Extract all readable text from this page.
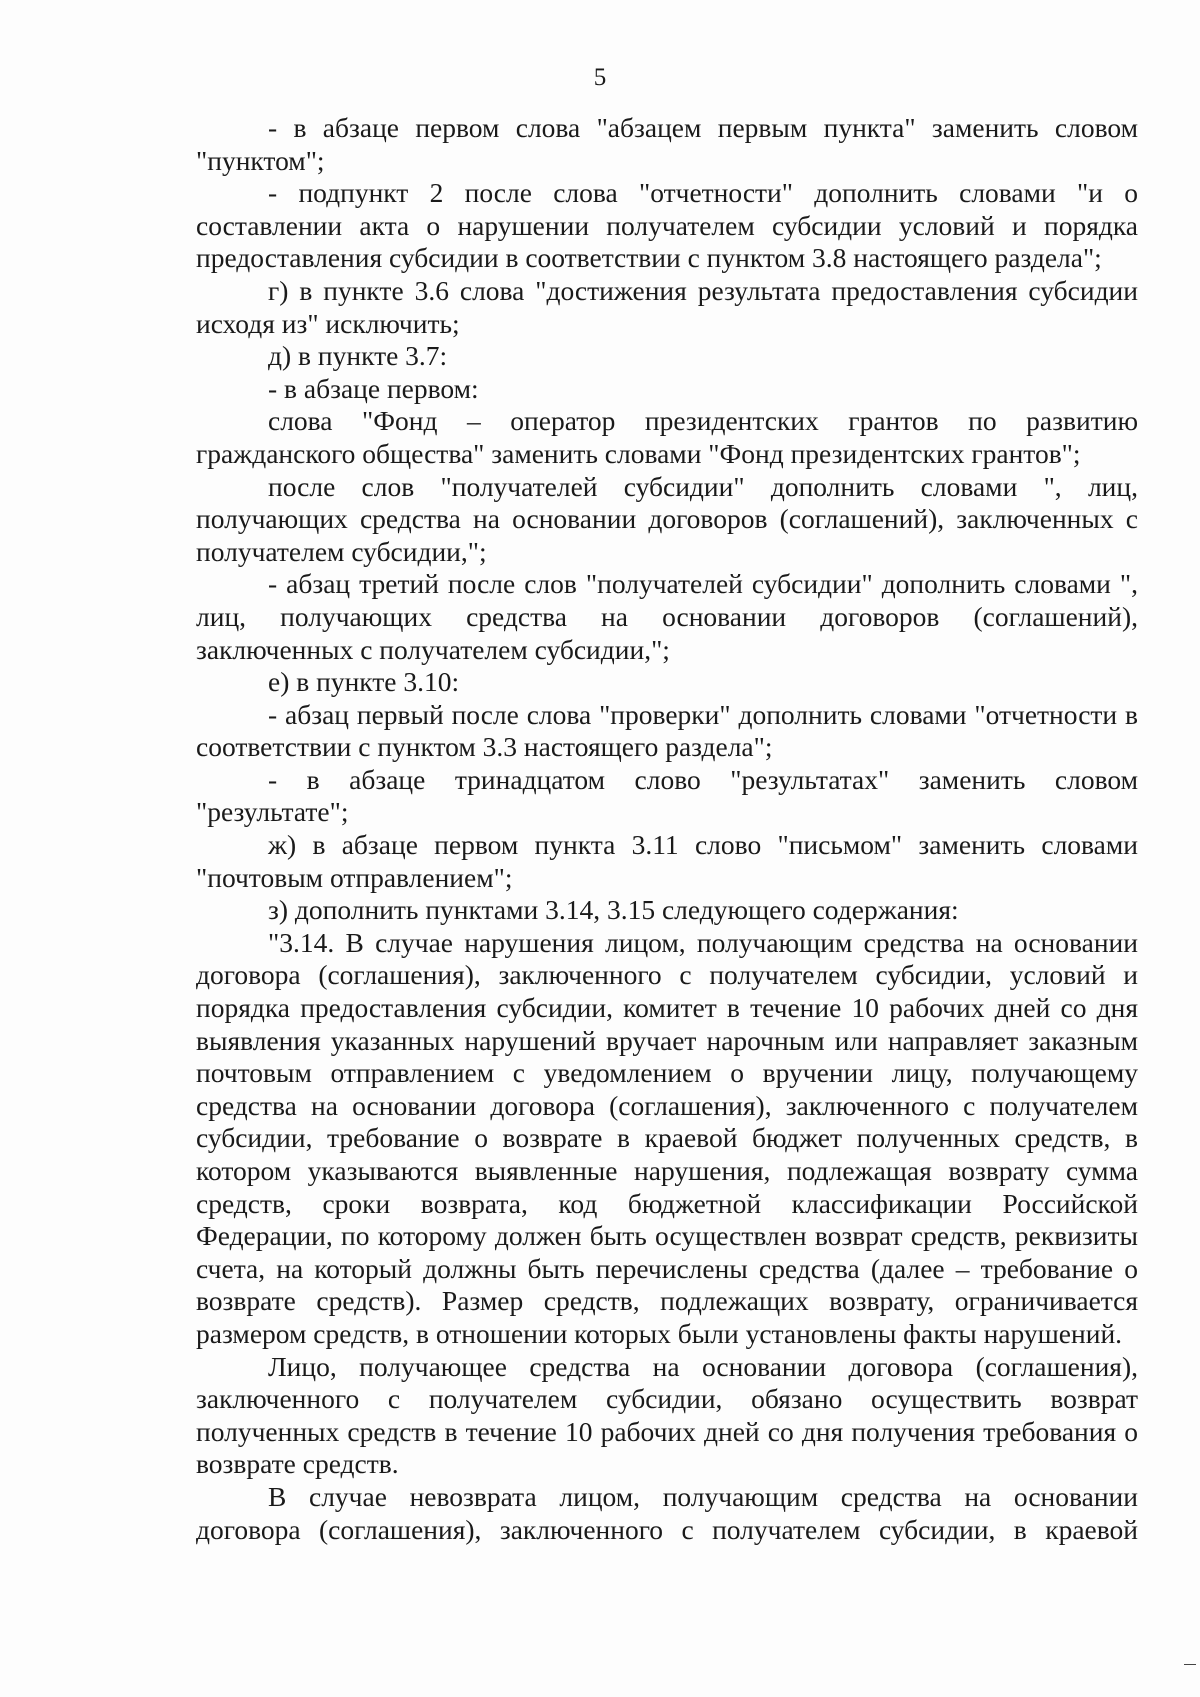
5

- в абзаце первом слова "абзацем первым пункта" заменить словом "пунктом";

- подпункт 2 после слова "отчетности" дополнить словами "и о составлении акта о нарушении получателем субсидии условий и порядка предоставления субсидии в соответствии с пунктом 3.8 настоящего раздела";

г) в пункте 3.6 слова "достижения результата предоставления субсидии исходя из" исключить;

д) в пункте 3.7:

- в абзаце первом:

слова "Фонд – оператор президентских грантов по развитию гражданского общества" заменить словами "Фонд президентских грантов";

после слов "получателей субсидии" дополнить словами ", лиц, получающих средства на основании договоров (соглашений), заключенных с получателем субсидии,";

- абзац третий после слов "получателей субсидии" дополнить словами ", лиц, получающих средства на основании договоров (соглашений), заключенных с получателем субсидии,";

е) в пункте 3.10:

- абзац первый после слова "проверки" дополнить словами "отчетности в соответствии с пунктом 3.3 настоящего раздела";

- в абзаце тринадцатом слово "результатах" заменить словом "результате";

ж) в абзаце первом пункта 3.11 слово "письмом" заменить словами "почтовым отправлением";

з) дополнить пунктами 3.14, 3.15 следующего содержания:

"3.14. В случае нарушения лицом, получающим средства на основании договора (соглашения), заключенного с получателем субсидии, условий и порядка предоставления субсидии, комитет в течение 10 рабочих дней со дня выявления указанных нарушений вручает нарочным или направляет заказным почтовым отправлением с уведомлением о вручении лицу, получающему средства на основании договора (соглашения), заключенного с получателем субсидии, требование о возврате в краевой бюджет полученных средств, в котором указываются выявленные нарушения, подлежащая возврату сумма средств, сроки возврата, код бюджетной классификации Российской Федерации, по которому должен быть осуществлен возврат средств, реквизиты счета, на который должны быть перечислены средства (далее – требование о возврате средств). Размер средств, подлежащих возврату, ограничивается размером средств, в отношении которых были установлены факты нарушений.

Лицо, получающее средства на основании договора (соглашения), заключенного с получателем субсидии, обязано осуществить возврат полученных средств в течение 10 рабочих дней со дня получения требования о возврате средств.

В случае невозврата лицом, получающим средства на основании договора (соглашения), заключенного с получателем субсидии, в краевой
